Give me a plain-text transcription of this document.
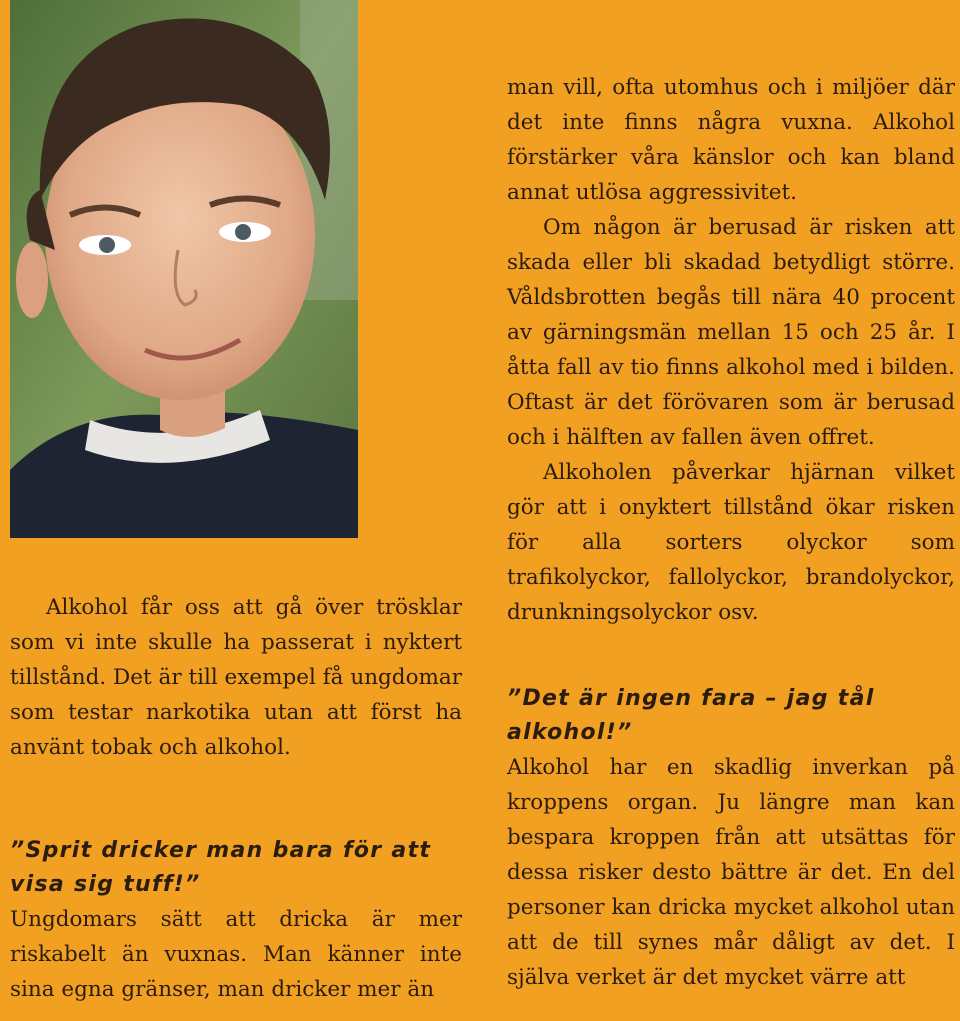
Alkohol får oss att gå över trösklar som vi inte skulle ha passerat i nyktert tillstånd. Det är till exempel få ungdomar som testar narkotika utan att först ha använt tobak och alkohol.

”Sprit dricker man bara för att visa sig tuff!”

Ungdomars sätt att dricka är mer riskabelt än vuxnas. Man känner inte sina egna gränser, man dricker mer än

man vill, ofta utomhus och i miljöer där det inte finns några vuxna. Alkohol förstärker våra känslor och kan bland annat utlösa aggressivitet.

Om någon är berusad är risken att skada eller bli skadad betydligt större. Våldsbrotten begås till nära 40 procent av gärningsmän mellan 15 och 25 år. I åtta fall av tio finns alkohol med i bilden. Oftast är det förövaren som är berusad och i hälften av fallen även offret.

Alkoholen påverkar hjärnan vilket gör att i onyktert tillstånd ökar risken för alla sorters olyckor som trafikolyckor, fallolyckor, brandolyckor, drunkningsolyckor osv.

”Det är ingen fara – jag tål alkohol!”

Alkohol har en skadlig inverkan på kroppens organ. Ju längre man kan bespara kroppen från att utsättas för dessa risker desto bättre är det. En del personer kan dricka mycket alkohol utan att de till synes mår dåligt av det. I själva verket är det mycket värre att
